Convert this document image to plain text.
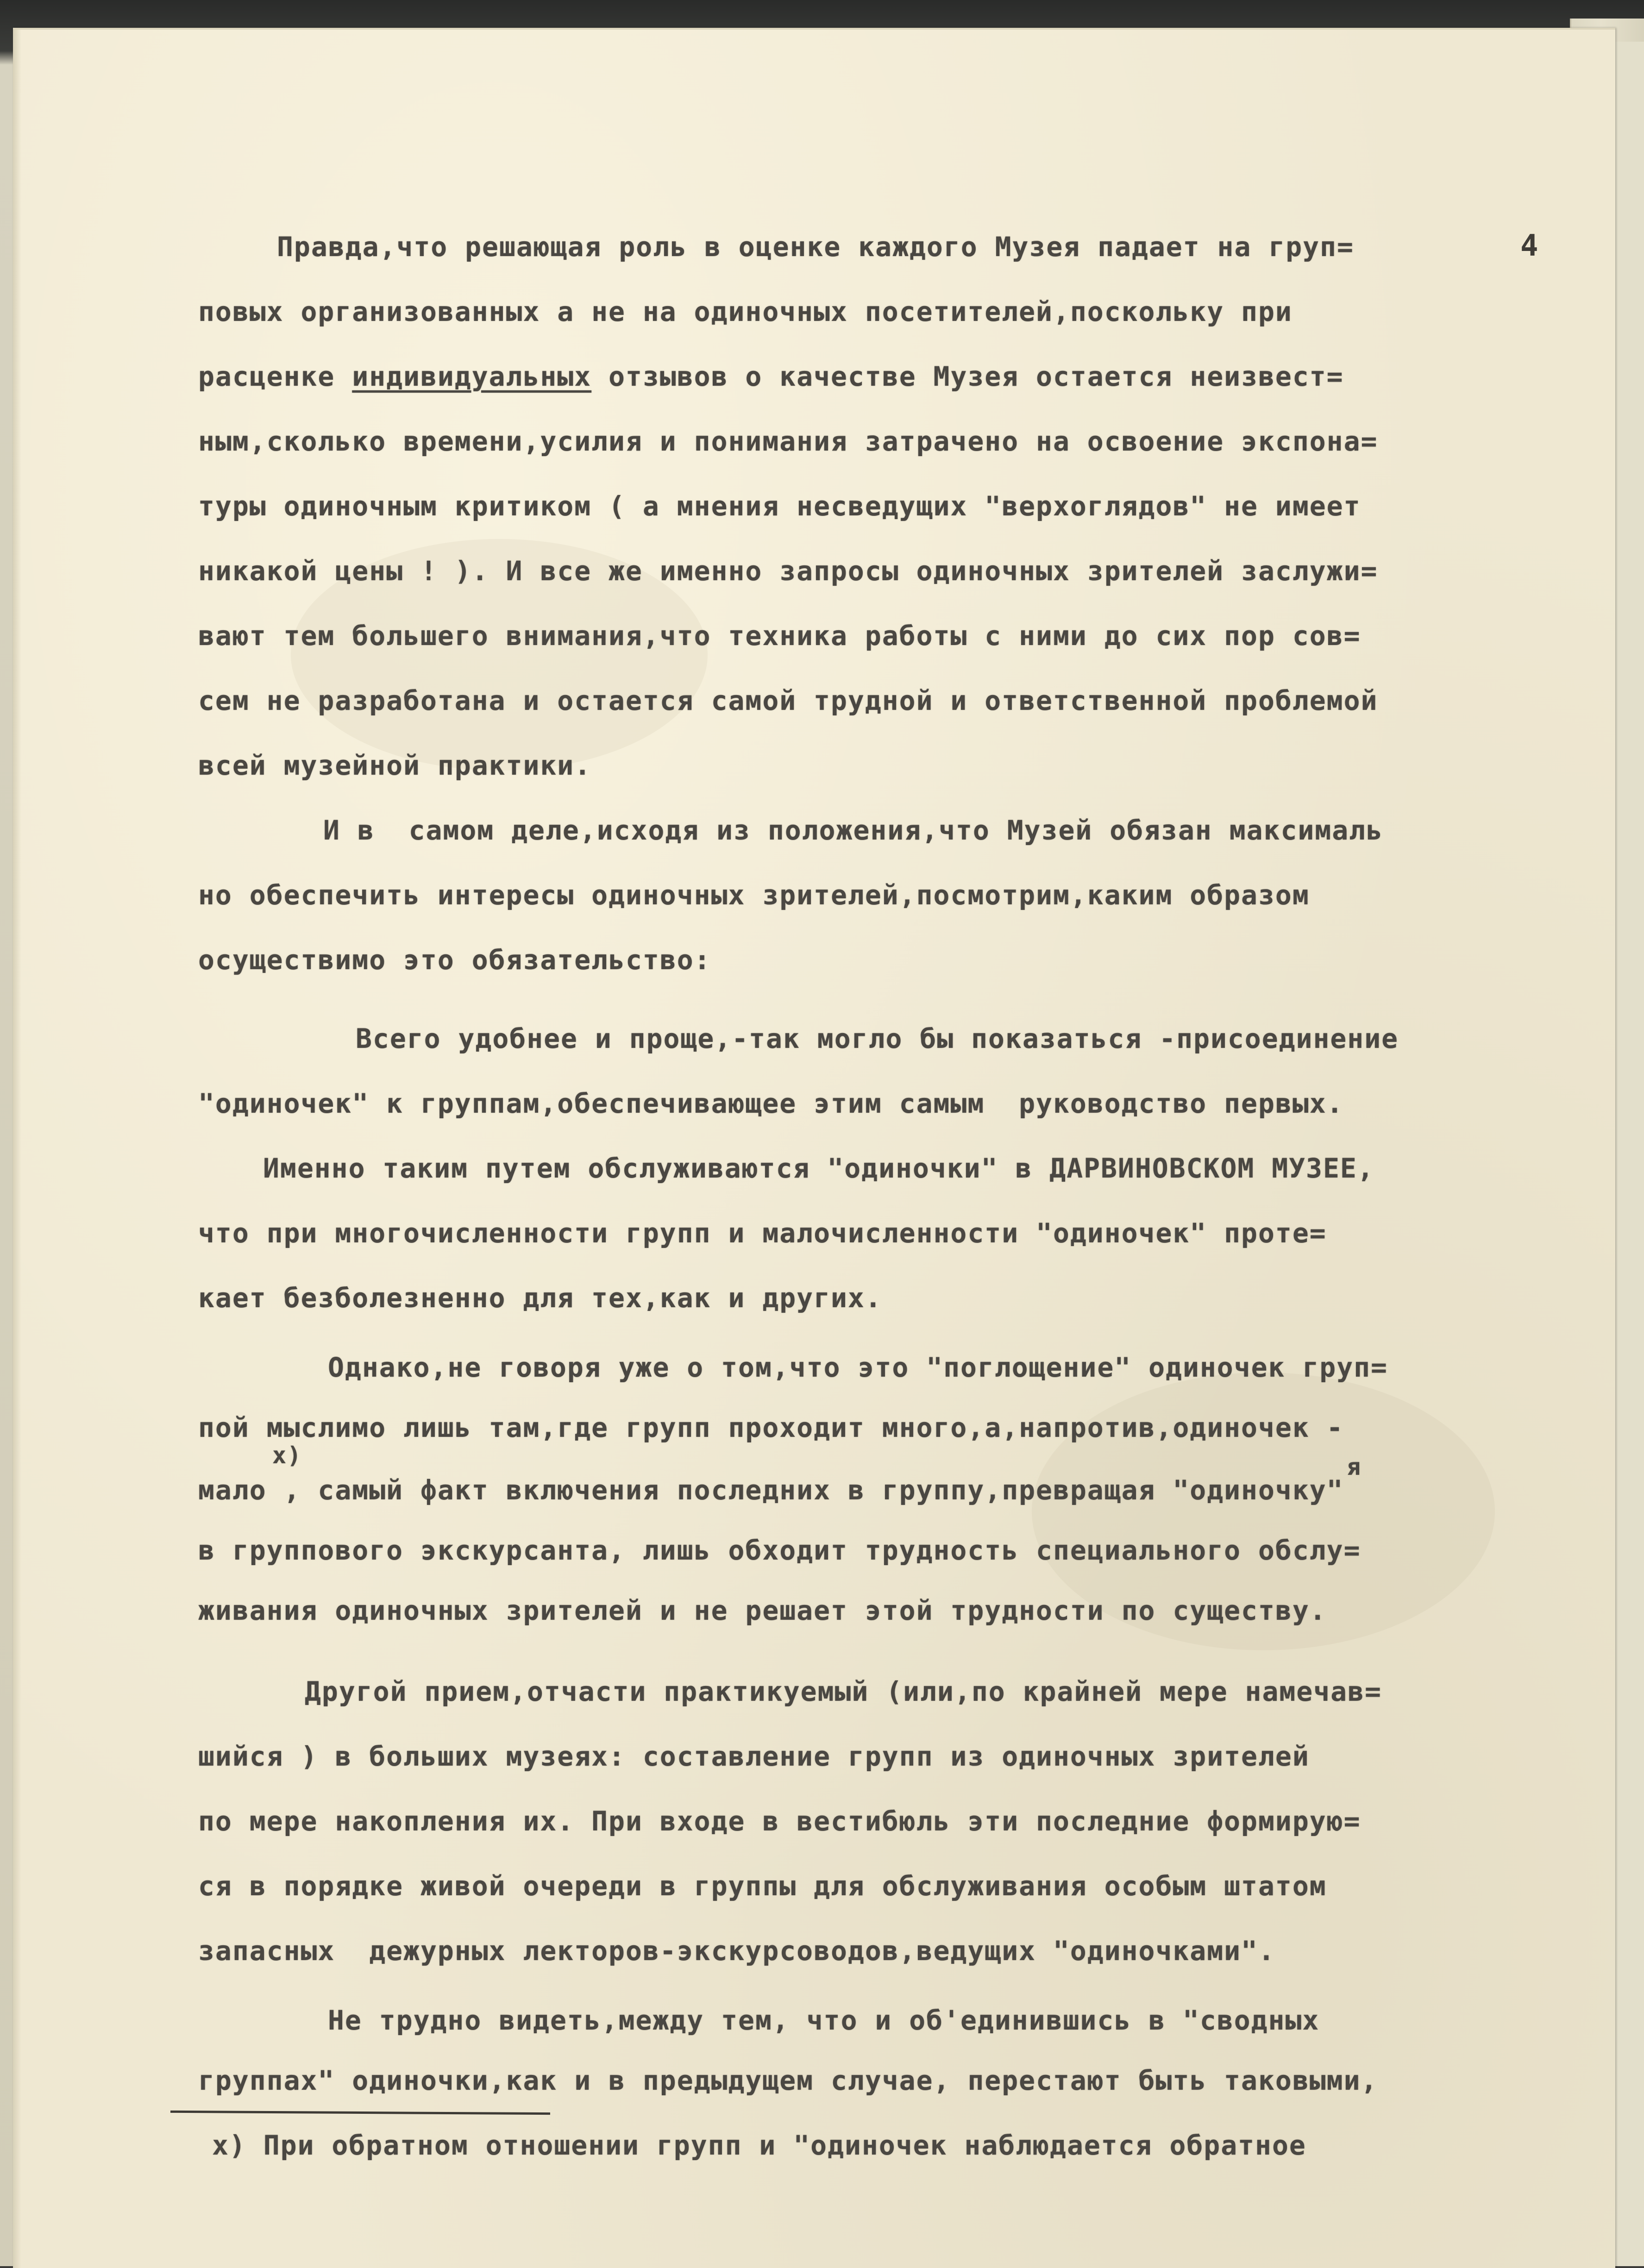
4
Правда,что решающая роль в оценке каждого Музея падает на груп=
повых организованных а не на одиночных посетителей,поскольку при
расценке индивидуальных отзывов о качестве Музея остается неизвест=
ным,сколько времени,усилия и понимания затрачено на освоение экспона=
туры одиночным критиком ( а мнения несведущих "верхоглядов" не имеет
никакой цены ! ). И все же именно запросы одиночных зрителей заслужи=
вают тем большего внимания,что техника работы с ними до сих пор сов=
сем не разработана и остается самой трудной и ответственной проблемой
всей музейной практики.
И в  самом деле,исходя из положения,что Музей обязан максималь
но обеспечить интересы одиночных зрителей,посмотрим,каким образом
осуществимо это обязательство:
Всего удобнее и проще,-так могло бы показаться -присоединение
"одиночек" к группам,обеспечивающее этим самым  руководство первых.
Именно таким путем обслуживаются "одиночки" в ДАРВИНОВСКОМ МУЗЕЕ,
что при многочисленности групп и малочисленности "одиночек" проте=
кает безболезненно для тех,как и других.
Однако,не говоря уже о том,что это "поглощение" одиночек груп=
пой мыслимо лишь там,где групп проходит много,а,напротив,одиночек -
x)
мало , самый факт включения последних в группу,превращая "одиночку"
я
в группового экскурсанта, лишь обходит трудность специального обслу=
живания одиночных зрителей и не решает этой трудности по существу.
Другой прием,отчасти практикуемый (или,по крайней мере намечав=
шийся ) в больших музеях: составление групп из одиночных зрителей
по мере накопления их. При входе в вестибюль эти последние формирую=
ся в порядке живой очереди в группы для обслуживания особым штатом
запасных  дежурных лекторов-экскурсоводов,ведущих "одиночками".
Не трудно видеть,между тем, что и об'единившись в "сводных
группах" одиночки,как и в предыдущем случае, перестают быть таковыми,
x) При обратном отношении групп и "одиночек наблюдается обратное
